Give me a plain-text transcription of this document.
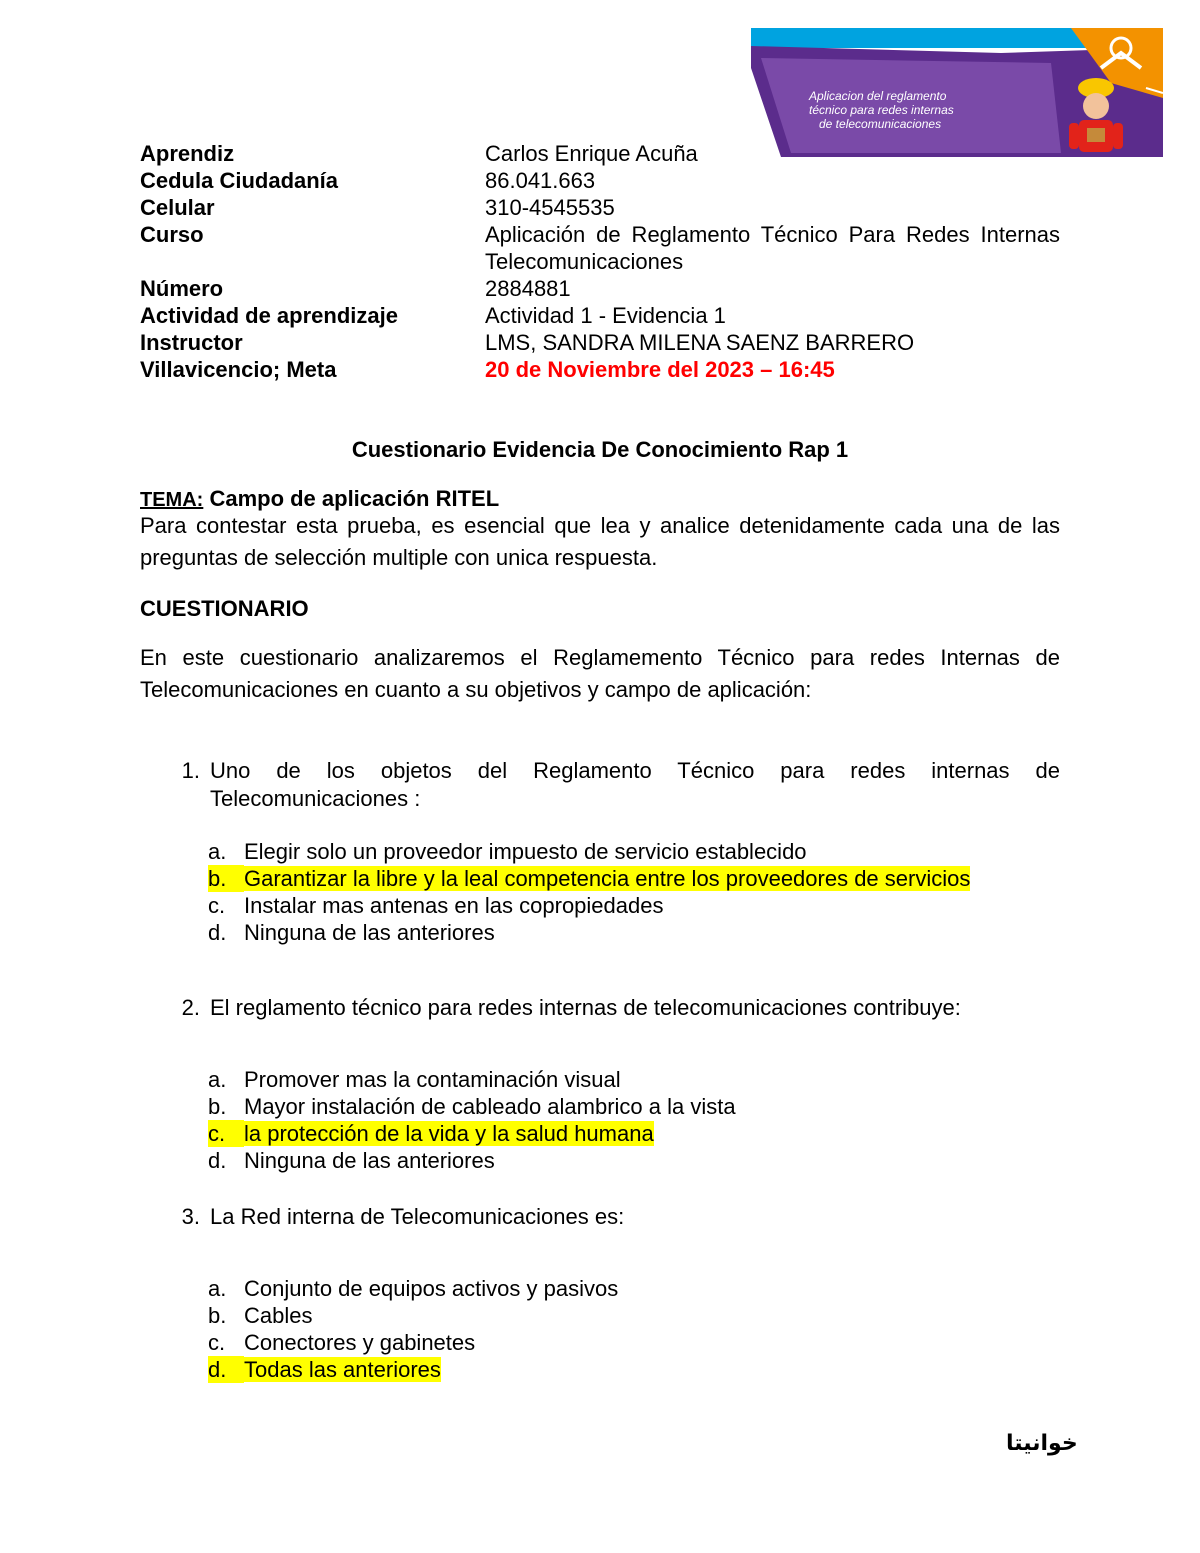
Aplicacion del reglamento
técnico para redes internas
de telecomunicaciones
Aprendiz	Carlos Enrique Acuña
Cedula Ciudadanía	86.041.663
Celular	310-4545535
Curso	Aplicación de Reglamento Técnico Para Redes Internas Telecomunicaciones
Número	2884881
Actividad de aprendizaje	Actividad 1 - Evidencia 1
Instructor	LMS, SANDRA MILENA SAENZ BARRERO
Villavicencio; Meta	20 de Noviembre del 2023 – 16:45
Cuestionario Evidencia De Conocimiento Rap 1
TEMA: Campo de aplicación RITEL

Para contestar esta prueba, es esencial que lea y analice detenidamente cada una de las preguntas de selección multiple con unica respuesta.

CUESTIONARIO

En este cuestionario analizaremos el Reglamemento Técnico para redes Internas de Telecomunicaciones en cuanto a su objetivos y campo de aplicación:

1. Uno de los objetos del Reglamento Técnico para redes internas de Telecomunicaciones :
a. Elegir solo un proveedor impuesto de servicio establecido
b. Garantizar la libre y la leal competencia entre los proveedores de servicios
c. Instalar mas antenas en las copropiedades
d. Ninguna de las anteriores
2. El reglamento técnico para redes internas de telecomunicaciones contribuye:
a. Promover mas la contaminación visual
b. Mayor instalación de cableado alambrico a la vista
c. la protección de la vida y la salud humana
d. Ninguna de las anteriores
3. La Red interna de Telecomunicaciones es:
a. Conjunto de equipos activos y pasivos
b. Cables
c. Conectores y gabinetes
d. Todas las anteriores
خوانيتا
